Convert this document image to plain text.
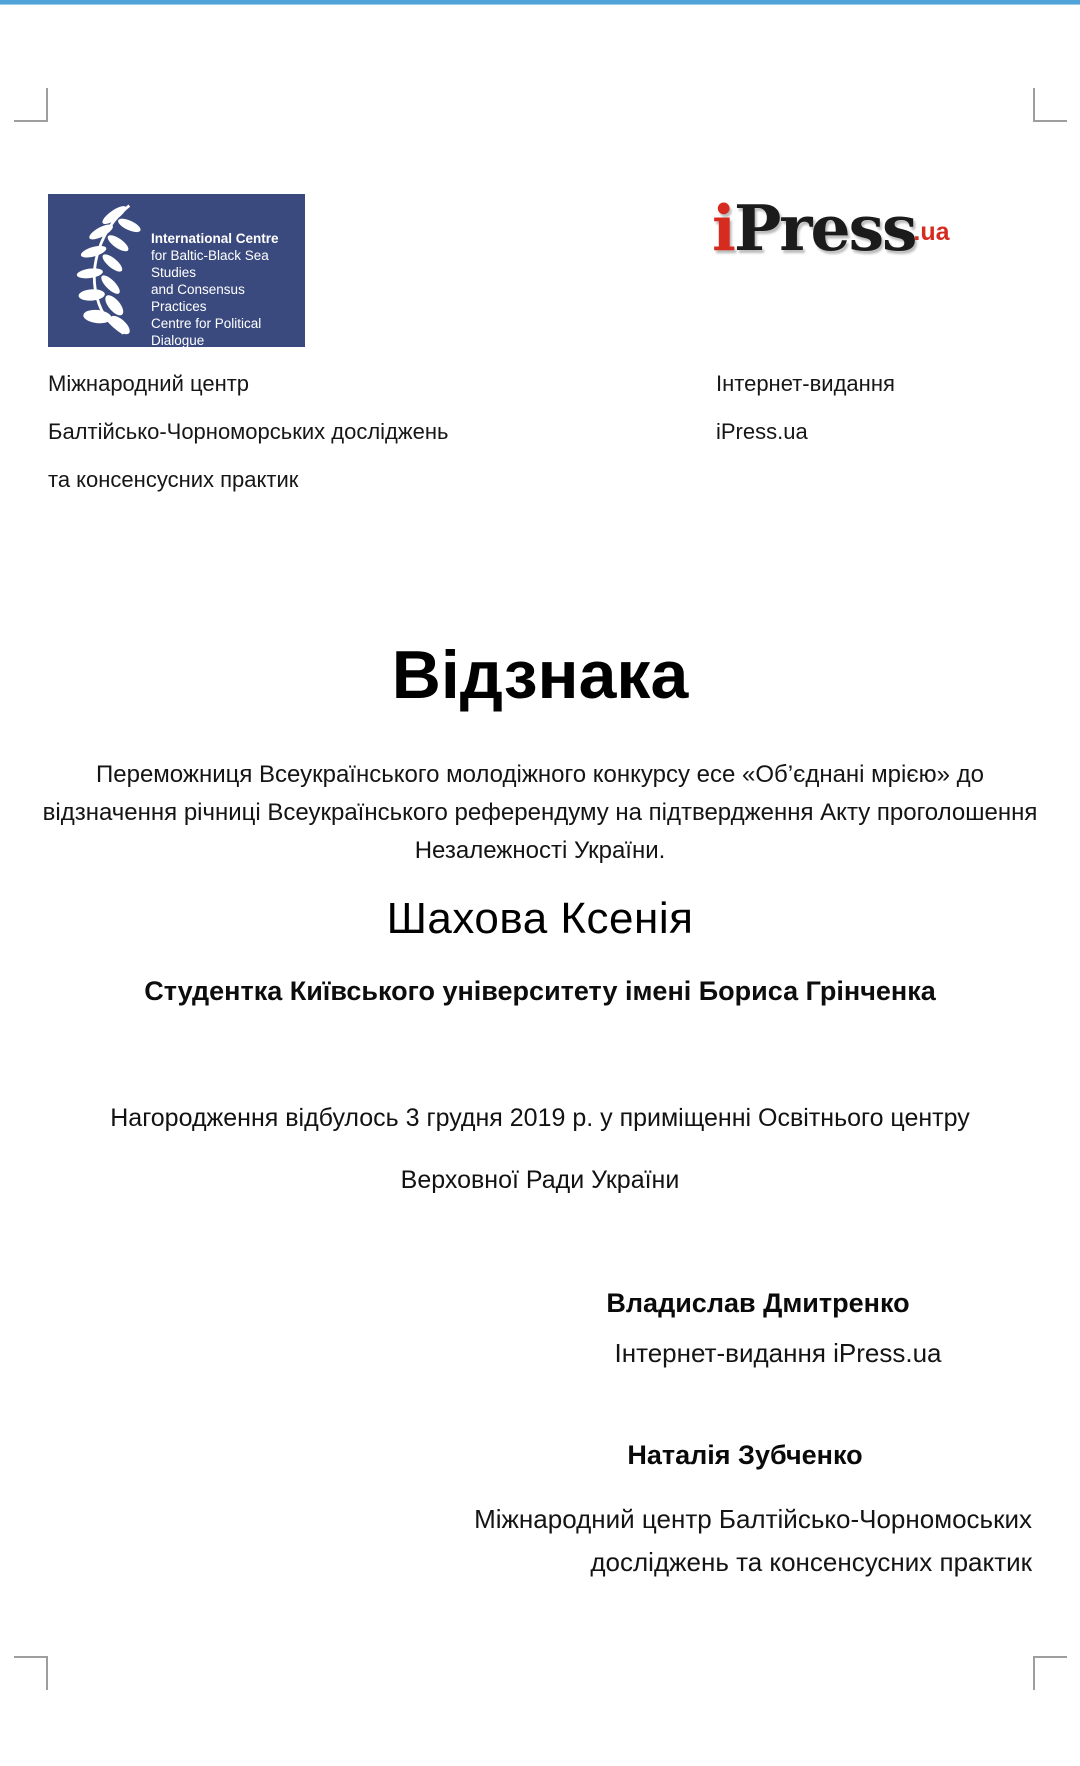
International Centre
for Baltic-Black Sea Studies
and Consensus Practices
Centre for Political Dialogue
iPress
.ua
Міжнародний центр
Балтійсько-Чорноморських досліджень
та консенсусних практик
Інтернет-видання
iPress.ua
Відзнака
Переможниця Всеукраїнського молодіжного конкурсу есе «Об’єднані мрією» до
відзначення річниці Всеукраїнського референдуму на підтвердження Акту проголошення
Незалежності України.
Шахова Ксенія
Студентка Київського університету імені Бориса Грінченка
Нагородження відбулось 3 грудня 2019 р. у приміщенні Освітнього центру
Верховної Ради України
Владислав Дмитренко
Інтернет-видання iPress.ua
Наталія Зубченко
Міжнародний центр Балтійсько-Чорномоських
досліджень та консенсусних практик
